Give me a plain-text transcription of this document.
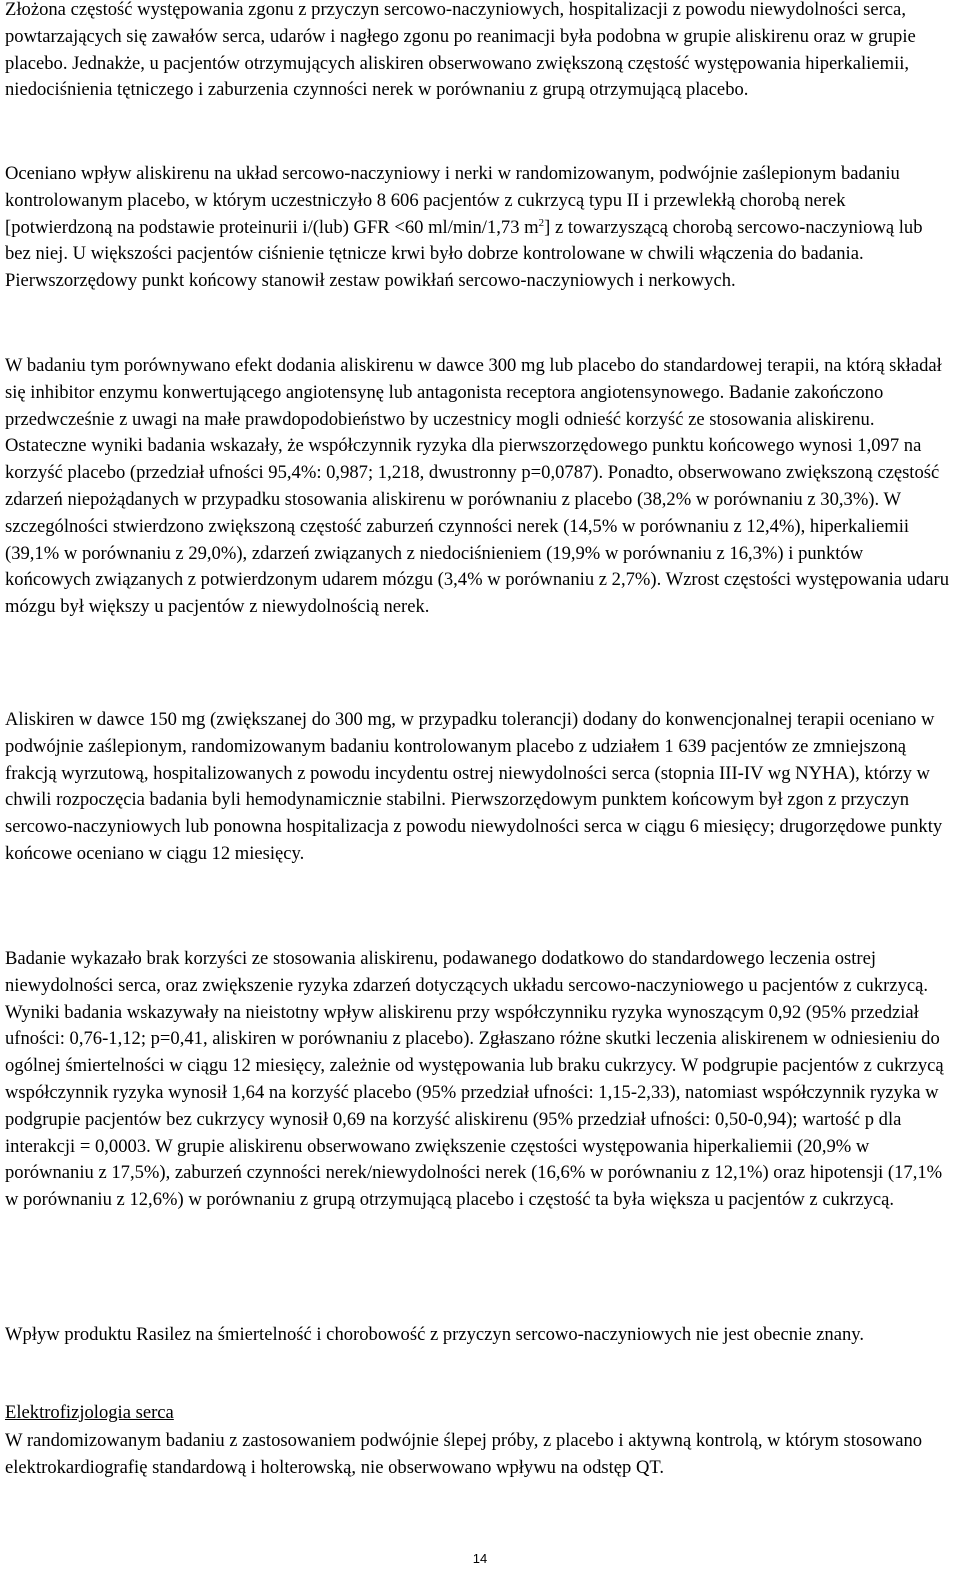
Złożona częstość występowania zgonu z przyczyn sercowo-naczyniowych, hospitalizacji z powodu niewydolności serca, powtarzających się zawałów serca, udarów i nagłego zgonu po reanimacji była podobna w grupie aliskirenu oraz w grupie placebo. Jednakże, u pacjentów otrzymujących aliskiren obserwowano zwiększoną częstość występowania hiperkaliemii, niedociśnienia tętniczego i zaburzenia czynności nerek w porównaniu z grupą otrzymującą placebo.

Oceniano wpływ aliskirenu na układ sercowo-naczyniowy i nerki w randomizowanym, podwójnie zaślepionym badaniu kontrolowanym placebo, w którym uczestniczyło 8 606 pacjentów z cukrzycą typu II i przewlekłą chorobą nerek [potwierdzoną na podstawie proteinurii i/(lub) GFR <60 ml/min/1,73 $m^2$] z towarzyszącą chorobą sercowo-naczyniową lub bez niej. U większości pacjentów ciśnienie tętnicze krwi było dobrze kontrolowane w chwili włączenia do badania. Pierwszorzędowy punkt końcowy stanowił zestaw powikłań sercowo-naczyniowych i nerkowych.

W badaniu tym porównywano efekt dodania aliskirenu w dawce 300 mg lub placebo do standardowej terapii, na którą składał się inhibitor enzymu konwertującego angiotensynę lub antagonista receptora angiotensynowego. Badanie zakończono przedwcześnie z uwagi na małe prawdopodobieństwo by uczestnicy mogli odnieść korzyść ze stosowania aliskirenu. Ostateczne wyniki badania wskazały, że współczynnik ryzyka dla pierwszorzędowego punktu końcowego wynosi 1,097 na korzyść placebo (przedział ufności 95,4%: 0,987; 1,218, dwustronny p=0,0787). Ponadto, obserwowano zwiększoną częstość zdarzeń niepożądanych w przypadku stosowania aliskirenu w porównaniu z placebo (38,2% w porównaniu z 30,3%). W szczególności stwierdzono zwiększoną częstość zaburzeń czynności nerek (14,5% w porównaniu z 12,4%), hiperkaliemii (39,1% w porównaniu z 29,0%), zdarzeń związanych z niedociśnieniem (19,9% w porównaniu z 16,3%) i punktów końcowych związanych z potwierdzonym udarem mózgu (3,4% w porównaniu z 2,7%). Wzrost częstości występowania udaru mózgu był większy u pacjentów z niewydolnością nerek.

Aliskiren w dawce 150 mg (zwiększanej do 300 mg, w przypadku tolerancji) dodany do konwencjonalnej terapii oceniano w podwójnie zaślepionym, randomizowanym badaniu kontrolowanym placebo z udziałem 1 639 pacjentów ze zmniejszoną frakcją wyrzutową, hospitalizowanych z powodu incydentu ostrej niewydolności serca (stopnia III-IV wg NYHA), którzy w chwili rozpoczęcia badania byli hemodynamicznie stabilni. Pierwszorzędowym punktem końcowym był zgon z przyczyn sercowo-naczyniowych lub ponowna hospitalizacja z powodu niewydolności serca w ciągu 6 miesięcy; drugorzędowe punkty końcowe oceniano w ciągu 12 miesięcy.

Badanie wykazało brak korzyści ze stosowania aliskirenu, podawanego dodatkowo do standardowego leczenia ostrej niewydolności serca, oraz zwiększenie ryzyka zdarzeń dotyczących układu sercowo-naczyniowego u pacjentów z cukrzycą. Wyniki badania wskazywały na nieistotny wpływ aliskirenu przy współczynniku ryzyka wynoszącym 0,92 (95% przedział ufności: 0,76-1,12; p=0,41, aliskiren w porównaniu z placebo). Zgłaszano różne skutki leczenia aliskirenem w odniesieniu do ogólnej śmiertelności w ciągu 12 miesięcy, zależnie od występowania lub braku cukrzycy. W podgrupie pacjentów z cukrzycą współczynnik ryzyka wynosił 1,64 na korzyść placebo (95% przedział ufności: 1,15-2,33), natomiast współczynnik ryzyka w podgrupie pacjentów bez cukrzycy wynosił 0,69 na korzyść aliskirenu (95% przedział ufności: 0,50-0,94); wartość p dla interakcji = 0,0003. W grupie aliskirenu obserwowano zwiększenie częstości występowania hiperkaliemii (20,9% w porównaniu z 17,5%), zaburzeń czynności nerek/niewydolności nerek (16,6% w porównaniu z 12,1%) oraz hipotensji (17,1% w porównaniu z 12,6%) w porównaniu z grupą otrzymującą placebo i częstość ta była większa u pacjentów z cukrzycą.

Wpływ produktu Rasilez na śmiertelność i chorobowość z przyczyn sercowo-naczyniowych nie jest obecnie znany.

Elektrofizjologia serca

W randomizowanym badaniu z zastosowaniem podwójnie ślepej próby, z placebo i aktywną kontrolą, w którym stosowano elektrokardiografię standardową i holterowską, nie obserwowano wpływu na odstęp QT.

14
